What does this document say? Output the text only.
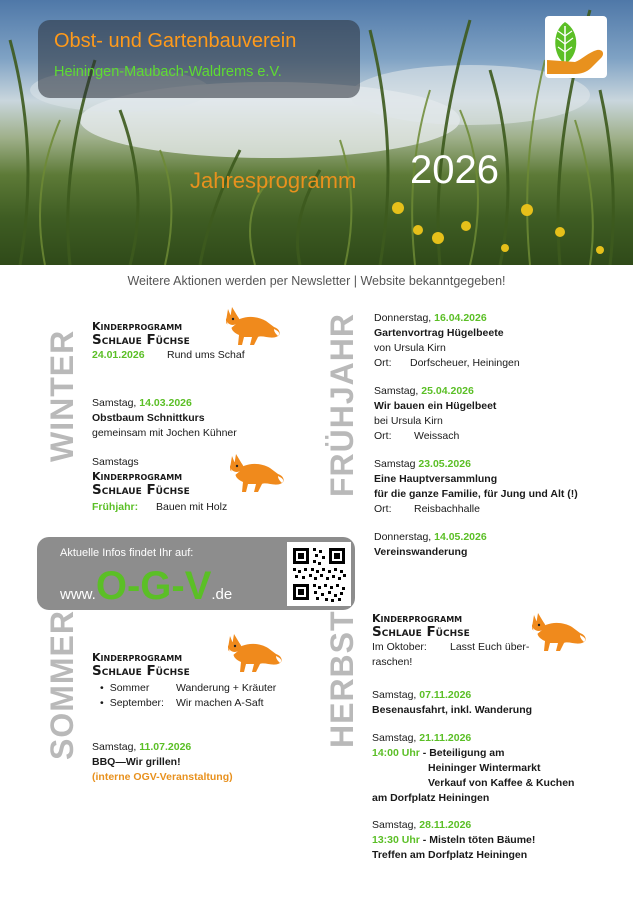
Obst- und Gartenbauverein
Heiningen-Maubach-Waldrems e.V.
Jahresprogramm 2026
Weitere Aktionen werden per Newsletter | Website bekanntgegeben!
WINTER	FRÜHJAHR
SOMMER	HERBST
Kinderprogramm
Schlaue Füchse
24.01.2026	Rund ums Schaf
Samstag, 14.03.2026
Obstbaum Schnittkurs
gemeinsam mit Jochen Kühner
Samstags
Kinderprogramm
Schlaue Füchse
Frühjahr:	Bauen mit Holz
Aktuelle Infos findet Ihr auf:
www. O-G-V .de
Kinderprogramm
Schlaue Füchse
• Sommer	Wanderung + Kräuter
• September:	Wir machen A-Saft
Samstag, 11.07.2026
BBQ—Wir grillen!
(interne OGV-Veranstaltung)
Donnerstag, 16.04.2026
Gartenvortrag Hügelbeete
von Ursula Kirn
Ort:	Dorfscheuer, Heiningen
Samstag, 25.04.2026
Wir bauen ein Hügelbeet
bei Ursula Kirn
Ort:	Weissach
Samstag 23.05.2026
Eine Hauptversammlung
für die ganze Familie, für Jung und Alt (!)
Ort:	Reisbachhalle
Donnerstag, 14.05.2026
Vereinswanderung
Kinderprogramm
Schlaue Füchse
Im Oktober:	Lasst Euch über-
raschen!
Samstag, 07.11.2026
Besenausfahrt, inkl. Wanderung
Samstag, 21.11.2026
14:00 Uhr - Beteiligung am
Heininger Wintermarkt
Verkauf von Kaffee & Kuchen
am Dorfplatz Heiningen
Samstag, 28.11.2026
13:30 Uhr - Misteln töten Bäume!
Treffen am Dorfplatz Heiningen
